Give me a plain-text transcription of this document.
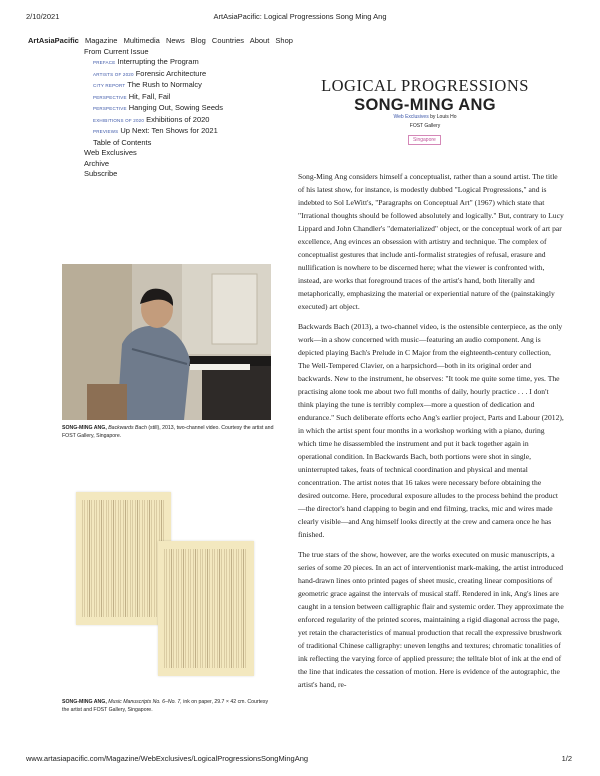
2/10/2021	ArtAsiaPacific: Logical Progressions Song Ming Ang
ArtAsiaPacific Magazine Multimedia News Blog Countries About Shop
From Current Issue
PREFACE Interrupting the Program
ARTISTS OF 2020 Forensic Architecture
CITY REPORT The Rush to Normalcy
PERSPECTIVE Hit, Fall, Fail
PERSPECTIVE Hanging Out, Sowing Seeds
EXHIBITIONS OF 2020 Exhibitions of 2020
PREVIEWS Up Next: Ten Shows for 2021
Table of Contents
Web Exclusives
Archive
Subscribe
LOGICAL PROGRESSIONS
SONG-MING ANG
Web Exclusives by Louis Ho
FOST Gallery
Singapore

Song-Ming Ang considers himself a conceptualist, rather than a sound artist. The title of his latest show, for instance, is modestly dubbed "Logical Progressions," and is indebted to Sol LeWitt's, "Paragraphs on Conceptual Art" (1967) which state that "Irrational thoughts should be followed absolutely and logically." But, contrary to Lucy Lippard and John Chandler's "dematerialized" object, or the conceptual work of art par excellence, Ang evinces an obsession with artistry and technique. The complex of conceptualist gestures that include anti-formalist strategies of refusal, erasure and nullification is nowhere to be discerned here; what the viewer is confronted with, instead, are works that foreground traces of the artist's hand, both literally and metaphorically, emphasizing the material or experiential nature of the (painstakingly executed) art object.

Backwards Bach (2013), a two-channel video, is the ostensible centerpiece, as the only work—in a show concerned with music—featuring an audio component. Ang is depicted playing Bach's Prelude in C Major from the eighteenth-century collection, The Well-Tempered Clavier, on a harpsichord—both in its original order and backwards. New to the instrument, he observes: "It took me quite some time, yes. The practising alone took me about two full months of daily, hourly practice . . . I don't think playing the tune is terribly complex—more a question of dedication and endurance." Such deliberate efforts echo Ang's earlier project, Parts and Labour (2012), in which the artist spent four months in a workshop working with a piano, during which time he disassembled the instrument and put it back together again in operational condition. In Backwards Bach, both portions were shot in single, uninterrupted takes, feats of technical coordination and physical and mental concentration. The artist notes that 16 takes were necessary before obtaining the desired outcome. Here, procedural exposure alludes to the process behind the product—the director's hand clapping to begin and end filming, tracks, mic and wires made clearly visible—and Ang himself looks directly at the crew and camera once he has finished.

The true stars of the show, however, are the works executed on music manuscripts, a series of some 20 pieces. In an act of interventionist mark-making, the artist introduced hand-drawn lines onto printed pages of sheet music, creating linear compositions of geometric grace against the intervals of musical staff. Rendered in ink, Ang's lines are caught in a tension between calligraphic flair and systemic order. They approximate the enforced regularity of the printed scores, maintaining a rigid diagonal across the page, yet retain the characteristics of manual production that recall the expressive brushwork of traditional Chinese calligraphy: uneven lengths and textures; chromatic tonalities of ink reflecting the varying force of applied pressure; the telltale blot of ink at the end of the line that indicates the cessation of motion. Here is evidence of the autographic, the artist's hand, re-

SONG-MING ANG, Backwards Bach (still), 2013, two-channel video. Courtesy the artist and FOST Gallery, Singapore.
SONG-MING ANG, Music Manuscripts No. 6–No. 7, ink on paper, 29.7 × 42 cm. Courtesy the artist and FOST Gallery, Singapore.
www.artasiapacific.com/Magazine/WebExclusives/LogicalProgressionsSongMingAng	1/2
